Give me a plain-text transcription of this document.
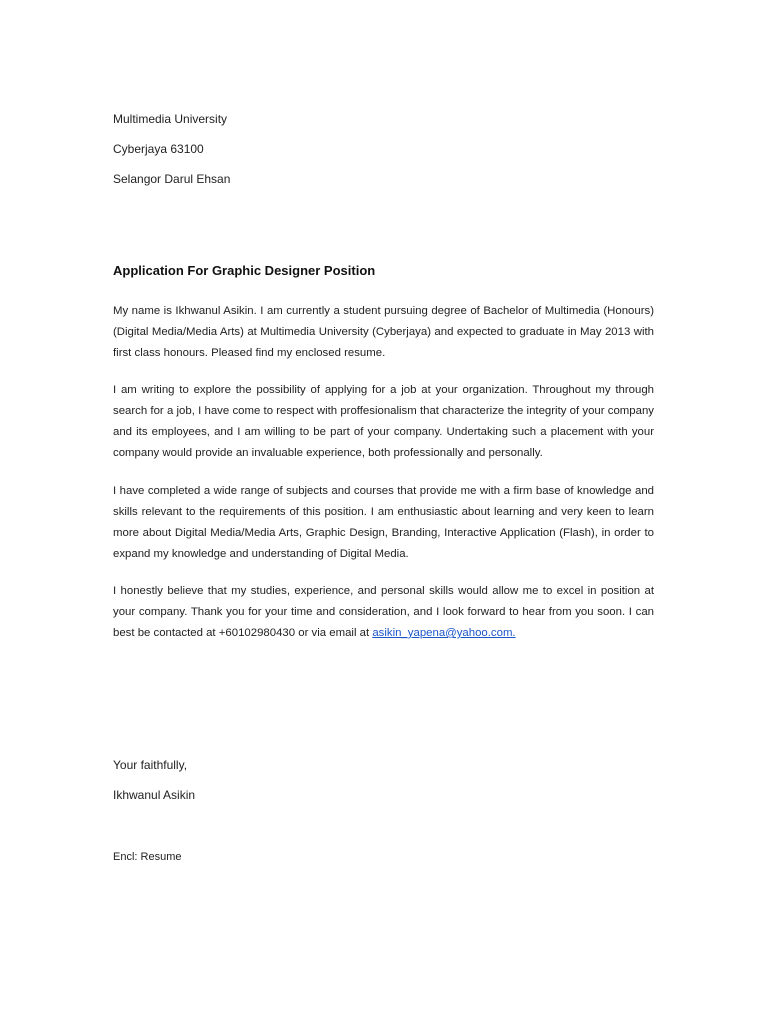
Multimedia University
Cyberjaya 63100
Selangor Darul Ehsan
Application For Graphic Designer Position

My name is Ikhwanul Asikin. I am currently a student pursuing degree of Bachelor of Multimedia (Honours)(Digital Media/Media Arts) at Multimedia University (Cyberjaya) and expected to graduate in May 2013 with first class honours. Pleased find my enclosed resume.

I am writing to explore the possibility of applying for a job at your organization. Throughout my through search for a job, I have come to respect with proffesionalism that characterize the integrity of your company and its employees, and I am willing to be part of your company. Undertaking such a placement with your company would provide an invaluable experience, both professionally and personally.

I have completed a wide range of subjects and courses that provide me with a firm base of knowledge and skills relevant to the requirements of this position. I am enthusiastic about learning and very keen to learn more about Digital Media/Media Arts, Graphic Design, Branding, Interactive Application (Flash), in order to expand my knowledge and understanding of Digital Media.

I honestly believe that my studies, experience, and personal skills would allow me to excel in position at your company. Thank you for your time and consideration, and I look forward to hear from you soon. I can best be contacted at +60102980430 or via email at asikin_yapena@yahoo.com.

Your faithfully,
Ikhwanul Asikin
Encl: Resume
